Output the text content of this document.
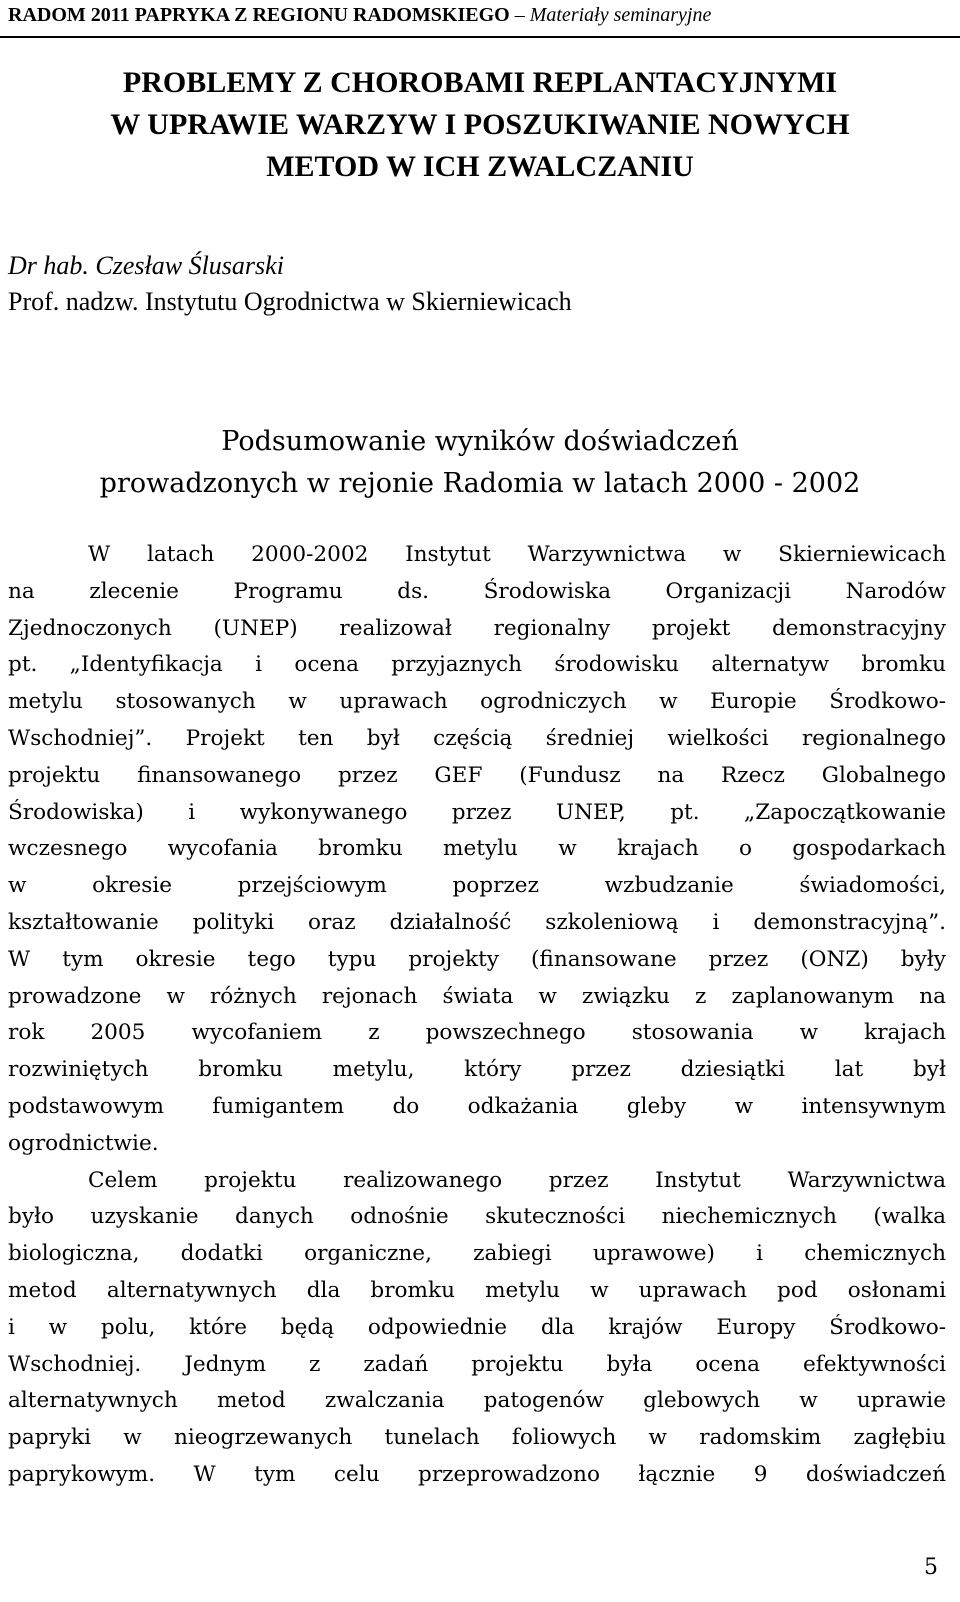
RADOM 2011 PAPRYKA Z REGIONU RADOMSKIEGO – Materiały seminaryjne
PROBLEMY Z CHOROBAMI REPLANTACYJNYMI
W UPRAWIE WARZYW I POSZUKIWANIE NOWYCH
METOD W ICH ZWALCZANIU
Dr hab. Czesław Ślusarski
Prof. nadzw. Instytutu Ogrodnictwa w Skierniewicach
Podsumowanie wyników doświadczeń
prowadzonych w rejonie Radomia w latach 2000 - 2002
W latach 2000-2002 Instytut Warzywnictwa w Skierniewicach
na zlecenie Programu ds. Środowiska Organizacji Narodów
Zjednoczonych (UNEP) realizował regionalny projekt demonstracyjny
pt. „Identyfikacja i ocena przyjaznych środowisku alternatyw bromku
metylu stosowanych w uprawach ogrodniczych w Europie Środkowo-
Wschodniej”. Projekt ten był częścią średniej wielkości regionalnego
projektu finansowanego przez GEF (Fundusz na Rzecz Globalnego
Środowiska) i wykonywanego przez UNEP, pt. „Zapoczątkowanie
wczesnego wycofania bromku metylu w krajach o gospodarkach
w okresie przejściowym poprzez wzbudzanie świadomości,
kształtowanie polityki oraz działalność szkoleniową i demonstracyjną”.
W tym okresie tego typu projekty (finansowane przez (ONZ) były
prowadzone w różnych rejonach świata w związku z zaplanowanym na
rok 2005 wycofaniem z powszechnego stosowania w krajach
rozwiniętych bromku metylu, który przez dziesiątki lat był
podstawowym fumigantem do odkażania gleby w intensywnym
ogrodnictwie.
Celem projektu realizowanego przez Instytut Warzywnictwa
było uzyskanie danych odnośnie skuteczności niechemicznych (walka
biologiczna, dodatki organiczne, zabiegi uprawowe) i chemicznych
metod alternatywnych dla bromku metylu w uprawach pod osłonami
i w polu, które będą odpowiednie dla krajów Europy Środkowo-
Wschodniej. Jednym z zadań projektu była ocena efektywności
alternatywnych metod zwalczania patogenów glebowych w uprawie
papryki w nieogrzewanych tunelach foliowych w radomskim zagłębiu
paprykowym. W tym celu przeprowadzono łącznie 9 doświadczeń
5
